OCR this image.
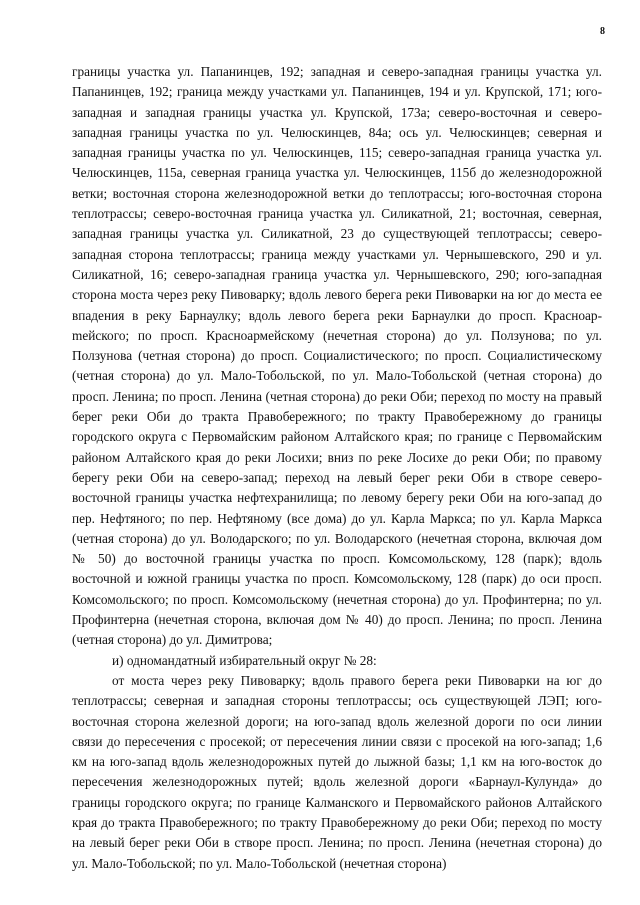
8

границы участка ул. Папанинцев, 192; западная и северо-западная границы участка ул. Папанинцев, 192; граница между участками ул. Папанинцев, 194 и ул. Крупской, 171; юго-западная и западная границы участка ул. Крупской, 173а; северо-восточная и северо-западная границы участка по ул. Челюскинцев, 84а; ось ул. Челюскинцев; северная и западная границы участка по ул. Челюскинцев, 115; северо-западная граница участка ул. Челюскинцев, 115а, северная граница участка ул. Челюскинцев, 115б до железнодорожной ветки; восточная сторона железнодорожной ветки до теплотрассы; юго-восточная сторона теплотрассы; северо-восточная граница участка ул. Силикатной, 21; восточная, северная, западная границы участка ул. Силикатной, 23 до существующей теплотрассы; северо-западная сторона теплотрассы; граница между участками ул. Чернышевского, 290 и ул. Силикатной, 16; северо-западная граница участка ул. Чернышевского, 290; юго-западная сторона моста через реку Пивоварку; вдоль левого берега реки Пивоварки на юг до места ее впадения в реку Барнаулку; вдоль левого берега реки Барнаулки до просп. Красноарmейского; по просп. Красноармейскому (нечетная сторона) до ул. Ползунова; по ул. Ползунова (четная сторона) до просп. Социалистического; по просп. Социалистическому (четная сторона) до ул. Мало-Тобольской, по ул. Мало-Тобольской (четная сторона) до просп. Ленина; по просп. Ленина (четная сторона) до реки Оби; переход по мосту на правый берег реки Оби до тракта Правобережного; по тракту Правобережному до границы городского округа с Первомайским районом Алтайского края; по границе с Первомайским районом Алтайского края до реки Лосихи; вниз по реке Лосихе до реки Оби; по правому берегу реки Оби на северо-запад; переход на левый берег реки Оби в створе северо-восточной границы участка нефтехранилища; по левому берегу реки Оби на юго-запад до пер. Нефтяного; по пер. Нефтяному (все дома) до ул. Карла Маркса; по ул. Карла Маркса (четная сторона) до ул. Володарского; по ул. Володарского (нечетная сторона, включая дом № 50) до восточной границы участка по просп. Комсомольскому, 128 (парк); вдоль восточной и южной границы участка по просп. Комсомольскому, 128 (парк) до оси просп. Комсомольского; по просп. Комсомольскому (нечетная сторона) до ул. Профинтерна; по ул. Профинтерна (нечетная сторона, включая дом № 40) до просп. Ленина; по просп. Ленина (четная сторона) до ул. Димитрова;

и) одномандатный избирательный округ № 28:

от моста через реку Пивоварку; вдоль правого берега реки Пивоварки на юг до теплотрассы; северная и западная стороны теплотрассы; ось существующей ЛЭП; юго-восточная сторона железной дороги; на юго-запад вдоль железной дороги по оси линии связи до пересечения с просекой; от пересечения линии связи с просекой на юго-запад; 1,6 км на юго-запад вдоль железнодорожных путей до лыжной базы; 1,1 км на юго-восток до пересечения железнодорожных путей; вдоль железной дороги «Барнаул-Кулунда» до границы городского округа; по границе Калманского и Первомайского районов Алтайского края до тракта Правобережного; по тракту Правобережному до реки Оби; переход по мосту на левый берег реки Оби в створе просп. Ленина; по просп. Ленина (нечетная сторона) до ул. Мало-Тобольской; по ул. Мало-Тобольской (нечетная сторона)
